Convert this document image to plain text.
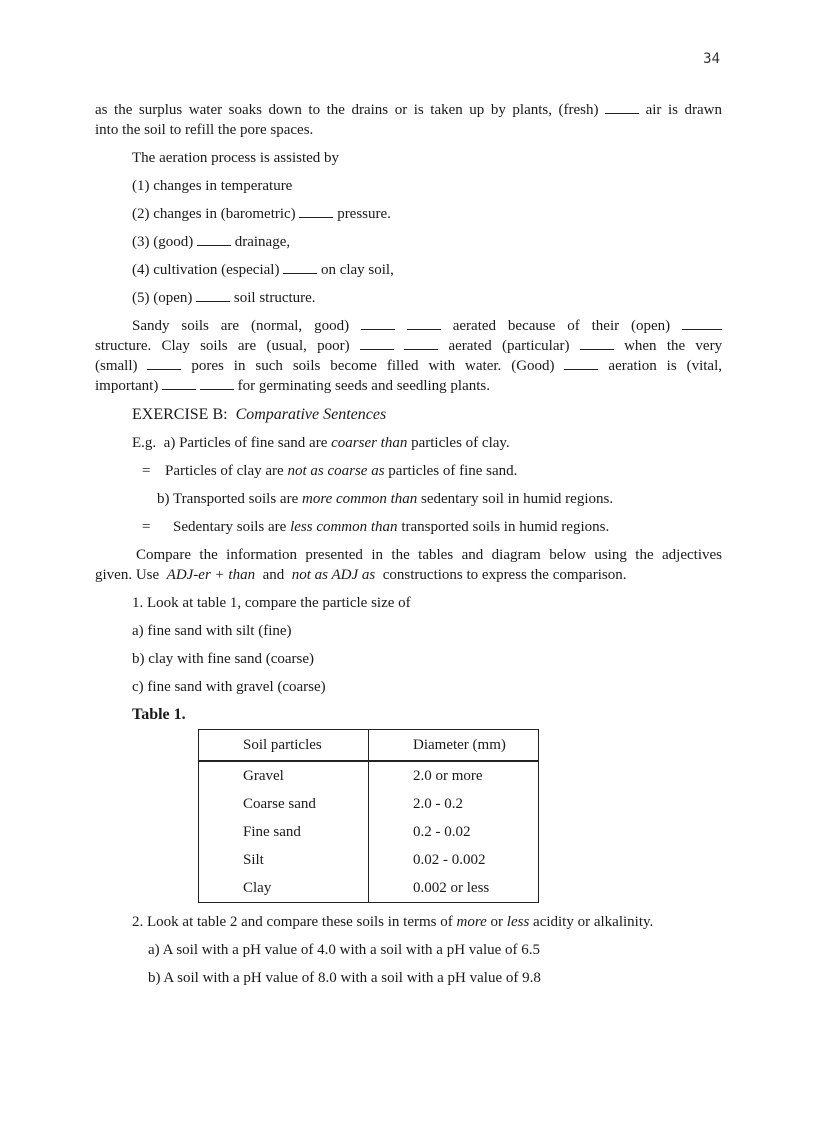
34

as the surplus water soaks down to the drains or is taken up by plants, (fresh)	air is drawn

into the soil to refill the pore spaces.

The aeration process is assisted by

(1) changes in temperature

(2) changes in (barometric)	pressure.

(3) (good)	drainage,

(4) cultivation (especial)	on clay soil,

(5) (open)	soil structure.

Sandy soils are (normal, good)	aerated because of their (open)

structure. Clay soils are (usual, poor)	aerated (particular)	when the very

(small)	pores in such soils become filled with water. (Good)	aeration is (vital,

important)	for germinating seeds and seedling plants.

EXERCISE B: Comparative Sentences

E.g. a) Particles of fine sand are coarser than particles of clay.

= Particles of clay are not as coarse as particles of fine sand.

b) Transported soils are more common than sedentary soil in humid regions.

= Sedentary soils are less common than transported soils in humid regions.

Compare the information presented in the tables and diagram below using the adjectives

given. Use ADJ-er + than and not as ADJ as constructions to express the comparison.

1. Look at table 1, compare the particle size of

a) fine sand with silt (fine)

b) clay with fine sand (coarse)

c) fine sand with gravel (coarse)

Table 1.

Soil particles	Diameter (mm)
Gravel	2.0 or more
Coarse sand	2.0 - 0.2
Fine sand	0.2 - 0.02
Silt	0.02 - 0.002
Clay	0.002 or less

2. Look at table 2 and compare these soils in terms of more or less acidity or alkalinity.

a) A soil with a pH value of 4.0 with a soil with a pH value of 6.5

b) A soil with a pH value of 8.0 with a soil with a pH value of 9.8
